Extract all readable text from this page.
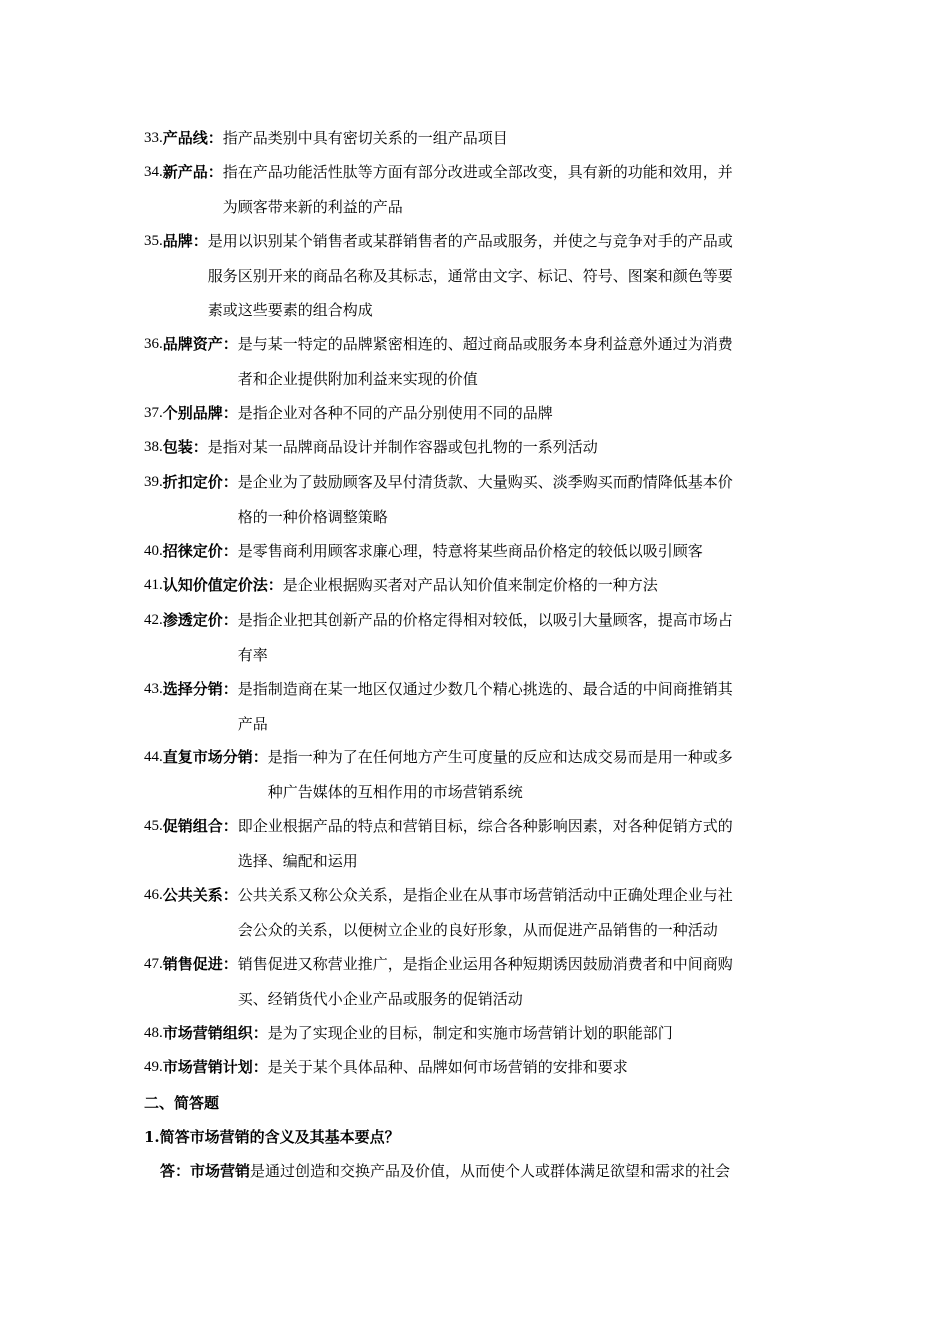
33. 产品线： 指产品类别中具有密切关系的一组产品项目
34. 新产品： 指在产品功能活性肽等方面有部分改进或全部改变，具有新的功能和效用，并
为顾客带来新的利益的产品
35. 品牌： 是用以识别某个销售者或某群销售者的产品或服务，并使之与竞争对手的产品或
服务区别开来的商品名称及其标志，通常由文字、标记、符号、图案和颜色等要
素或这些要素的组合构成
36. 品牌资产： 是与某一特定的品牌紧密相连的、超过商品或服务本身利益意外通过为消费
者和企业提供附加利益来实现的价值
37. 个别品牌： 是指企业对各种不同的产品分别使用不同的品牌
38. 包装： 是指对某一品牌商品设计并制作容器或包扎物的一系列活动
39. 折扣定价： 是企业为了鼓励顾客及早付清货款、大量购买、淡季购买而酌情降低基本价
格的一种价格调整策略
40. 招徕定价： 是零售商利用顾客求廉心理，特意将某些商品价格定的较低以吸引顾客
41. 认知价值定价法： 是企业根据购买者对产品认知价值来制定价格的一种方法
42. 渗透定价： 是指企业把其创新产品的价格定得相对较低，以吸引大量顾客，提高市场占
有率
43. 选择分销： 是指制造商在某一地区仅通过少数几个精心挑选的、最合适的中间商推销其
产品
44. 直复市场分销： 是指一种为了在任何地方产生可度量的反应和达成交易而是用一种或多
种广告媒体的互相作用的市场营销系统
45. 促销组合： 即企业根据产品的特点和营销目标，综合各种影响因素，对各种促销方式的
选择、编配和运用
46. 公共关系： 公共关系又称公众关系，是指企业在从事市场营销活动中正确处理企业与社
会公众的关系，以便树立企业的良好形象，从而促进产品销售的一种活动
47. 销售促进： 销售促进又称营业推广，是指企业运用各种短期诱因鼓励消费者和中间商购
买、经销货代小企业产品或服务的促销活动
48. 市场营销组织： 是为了实现企业的目标，制定和实施市场营销计划的职能部门
49. 市场营销计划： 是关于某个具体品种、品牌如何市场营销的安排和要求
二、简答题
1.简答市场营销的含义及其基本要点？
答：市场营销是通过创造和交换产品及价值，从而使个人或群体满足欲望和需求的社会
